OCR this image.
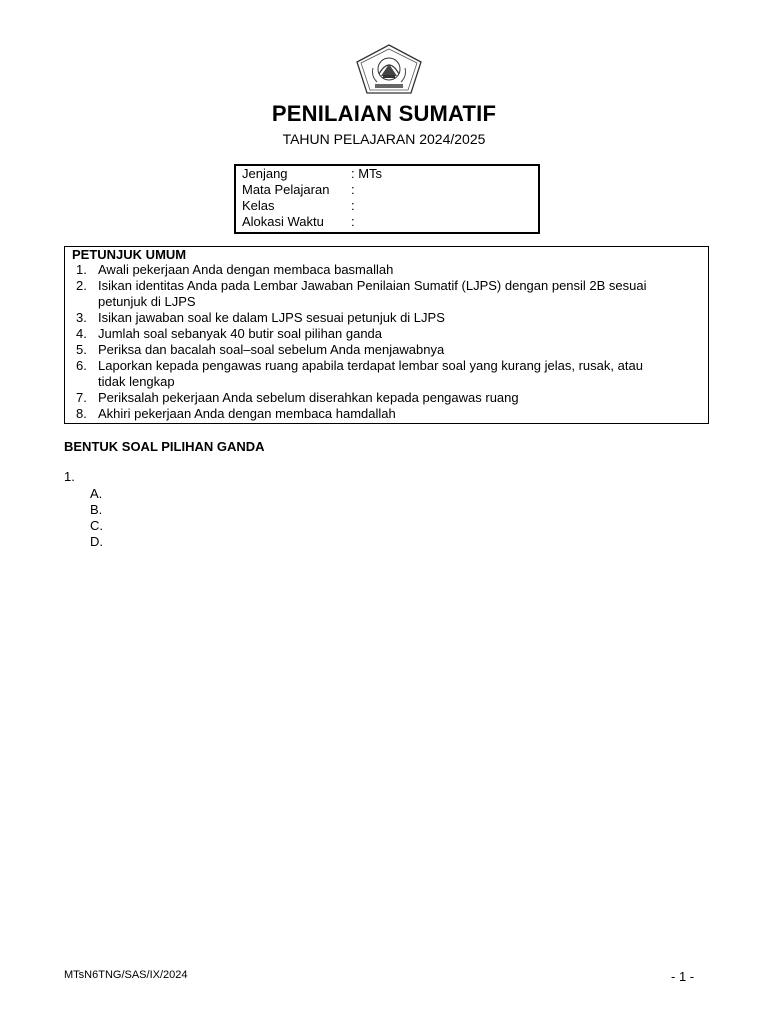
PENILAIAN SUMATIF
TAHUN PELAJARAN 2024/2025
Jenjang	: MTs
Mata Pelajaran :
Kelas	:
Alokasi Waktu :
PETUNJUK UMUM
1. Awali pekerjaan Anda dengan membaca basmallah
2. Isikan identitas Anda pada Lembar Jawaban Penilaian Sumatif (LJPS) dengan pensil 2B sesuai
petunjuk di LJPS
3. Isikan jawaban soal ke dalam LJPS sesuai petunjuk di LJPS
4. Jumlah soal sebanyak 40 butir soal pilihan ganda
5. Periksa dan bacalah soal–soal sebelum Anda menjawabnya
6. Laporkan kepada pengawas ruang apabila terdapat lembar soal yang kurang jelas, rusak, atau
tidak lengkap
7. Periksalah pekerjaan Anda sebelum diserahkan kepada pengawas ruang
8. Akhiri pekerjaan Anda dengan membaca hamdallah
BENTUK SOAL PILIHAN GANDA
1.
A.
B.
C.
D.
MTsN6TNG/SAS/IX/2024	- 1 -
